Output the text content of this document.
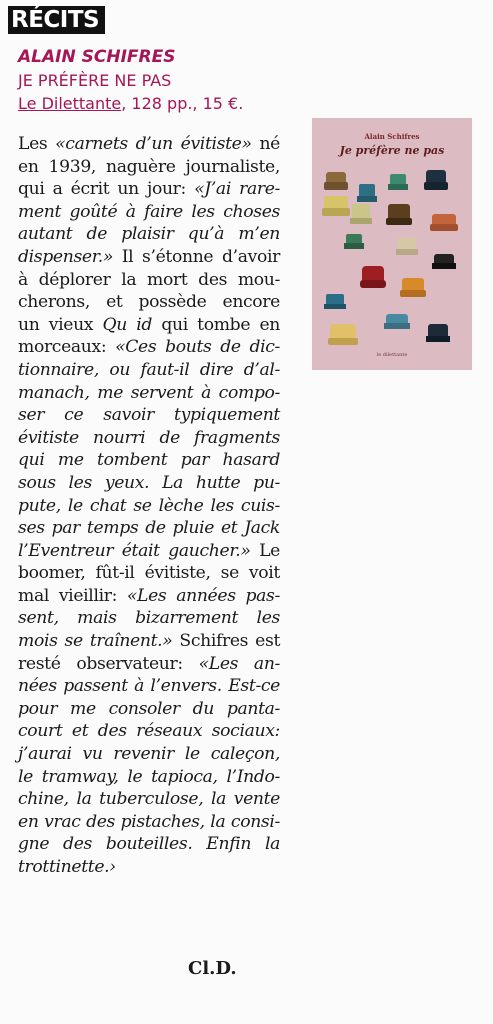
RÉCITS
ALAIN SCHIFRES
JE PRÉFÈRE NE PAS
Le Dilettante, 128 pp., 15 €.
Les «carnets d’un évitiste» né
en 1939, naguère journaliste,
qui a écrit un jour: «J’ai rare-
ment goûté à faire les choses
autant de plaisir qu’à m’en
dispenser.» Il s’étonne d’avoir
à déplorer la mort des mou-
cherons, et possède encore
un vieux Qu id qui tombe en
morceaux: «Ces bouts de dic-
tionnaire, ou faut-il dire d’al-
manach, me servent à compo-
ser ce savoir typiquement
évitiste nourri de fragments
qui me tombent par hasard
sous les yeux. La hutte pu-
pute, le chat se lèche les cuis-
ses par temps de pluie et Jack
l’Eventreur était gaucher.» Le
boomer, fût-il évitiste, se voit
mal vieillir: «Les années pas-
sent, mais bizarrement les
mois se traînent.» Schifres est
resté observateur: «Les an-
nées passent à l’envers. Est-ce
pour me consoler du panta-
court et des réseaux sociaux:
j’aurai vu revenir le caleçon,
le tramway, le tapioca, l’Indo-
chine, la tuberculose, la vente
en vrac des pistaches, la consi-
gne des bouteilles. Enfin la
trottinette.›
Cl.D.
Alain Schifres
Je préfère ne pas
le dilettante
